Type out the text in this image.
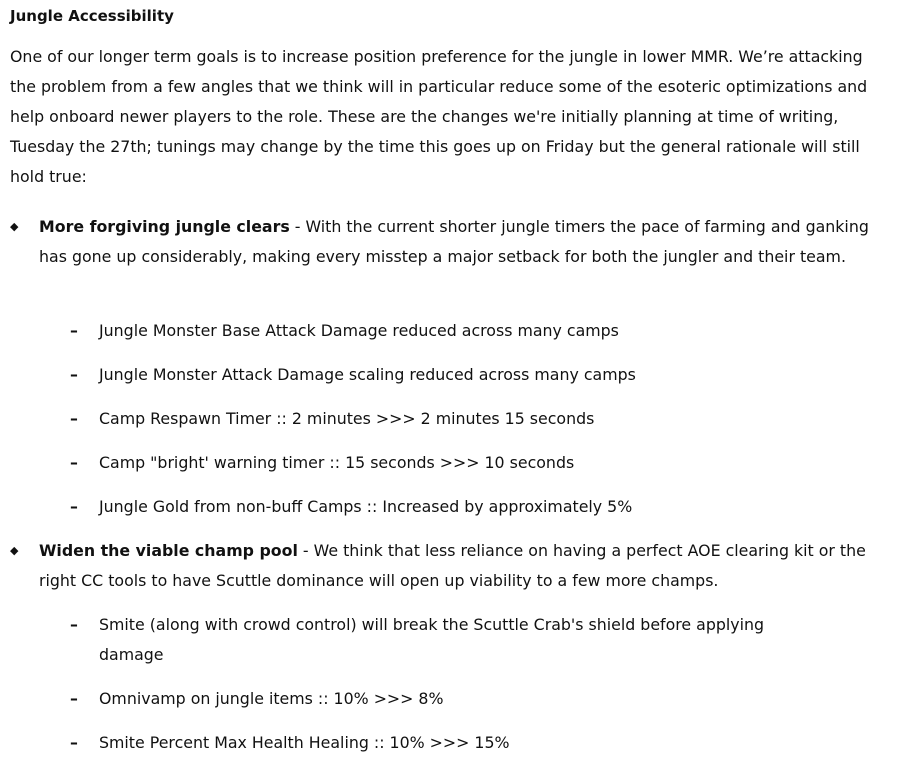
Jungle Accessibility

One of our longer term goals is to increase position preference for the jungle in lower MMR. We’re attacking the problem from a few angles that we think will in particular reduce some of the esoteric optimizations and help onboard newer players to the role. These are the changes we're initially planning at time of writing, Tuesday the 27th; tunings may change by the time this goes up on Friday but the general rationale will still hold true:

◆ More forgiving jungle clears - With the current shorter jungle timers the pace of farming and ganking has gone up considerably, making every misstep a major setback for both the jungler and their team.
– Jungle Monster Base Attack Damage reduced across many camps
– Jungle Monster Attack Damage scaling reduced across many camps
– Camp Respawn Timer :: 2 minutes >>> 2 minutes 15 seconds
– Camp "bright' warning timer :: 15 seconds >>> 10 seconds
– Jungle Gold from non-buff Camps :: Increased by approximately 5%
◆ Widen the viable champ pool - We think that less reliance on having a perfect AOE clearing kit or the right CC tools to have Scuttle dominance will open up viability to a few more champs.
– Smite (along with crowd control) will break the Scuttle Crab's shield before applying damage
– Omnivamp on jungle items :: 10% >>> 8%
– Smite Percent Max Health Healing :: 10% >>> 15%
